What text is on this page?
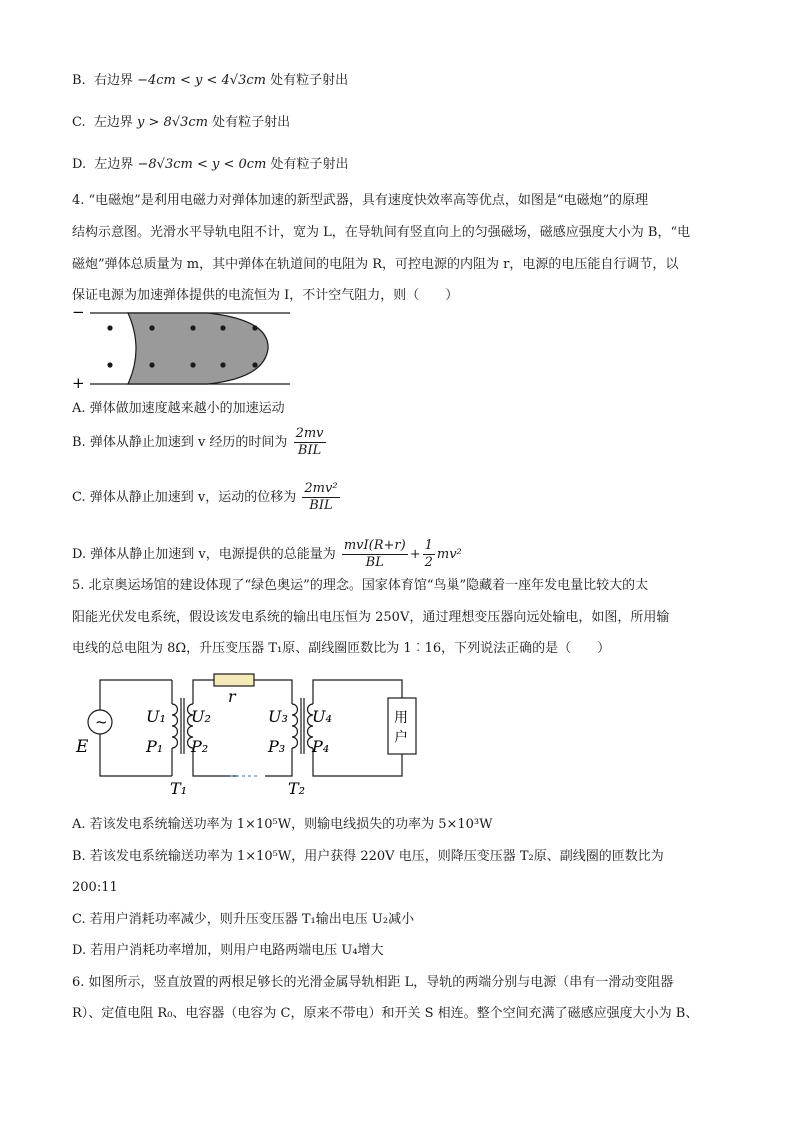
B. 右边界 −4cm < y < 4√3cm 处有粒子射出
C. 左边界 y > 8√3cm 处有粒子射出
D. 左边界 −8√3cm < y < 0cm 处有粒子射出
4. “电磁炮”是利用电磁力对弹体加速的新型武器，具有速度快效率高等优点，如图是“电磁炮”的原理
结构示意图。光滑水平导轨电阻不计，宽为 L，在导轨间有竖直向上的匀强磁场，磁感应强度大小为 B，“电
磁炮”弹体总质量为 m，其中弹体在轨道间的电阻为 R，可控电源的内阻为 r，电源的电压能自行调节，以
保证电源为加速弹体提供的电流恒为 I，不计空气阻力，则（　　）
−
+
A. 弹体做加速度越来越小的加速运动
B. 弹体从静止加速到 v 经历的时间为 $\frac{2mv}{\text{BIL}}$
C. 弹体从静止加速到 v，运动的位移为 $\frac{\text{2mv²}}{\text{BIL}}$
D. 弹体从静止加速到 v，电源提供的总能量为 $\frac{\text{mvI(R+r)}}{BL} + \frac{1}{2} mv^2$
5. 北京奥运场馆的建设体现了“绿色奥运”的理念。国家体育馆“鸟巢”隐藏着一座年发电量比较大的太
阳能光伏发电系统，假设该发电系统的输出电压恒为 250V，通过理想变压器向远处输电，如图，所用输
电线的总电阻为 8Ω，升压变压器 T₁原、副线圈匝数比为 1︰16，下列说法正确的是（　　）
~
E
r
U₁
P₁
U₂
P₂
U₃
P₃
U₄
P₄
T₁	T₂
用
户
A. 若该发电系统输送功率为 1×10⁵W，则输电线损失的功率为 5×10³W
B. 若该发电系统输送功率为 1×10⁵W，用户获得 220V 电压，则降压变压器 T₂原、副线圈的匝数比为
200:11
C. 若用户消耗功率减少，则升压变压器 T₁输出电压 U₂减小
D. 若用户消耗功率增加，则用户电路两端电压 U₄增大
6. 如图所示，竖直放置的两根足够长的光滑金属导轨相距 L，导轨的两端分别与电源（串有一滑动变阻器
R）、定值电阻 R₀、电容器（电容为 C，原来不带电）和开关 S 相连。整个空间充满了磁感应强度大小为 B、
